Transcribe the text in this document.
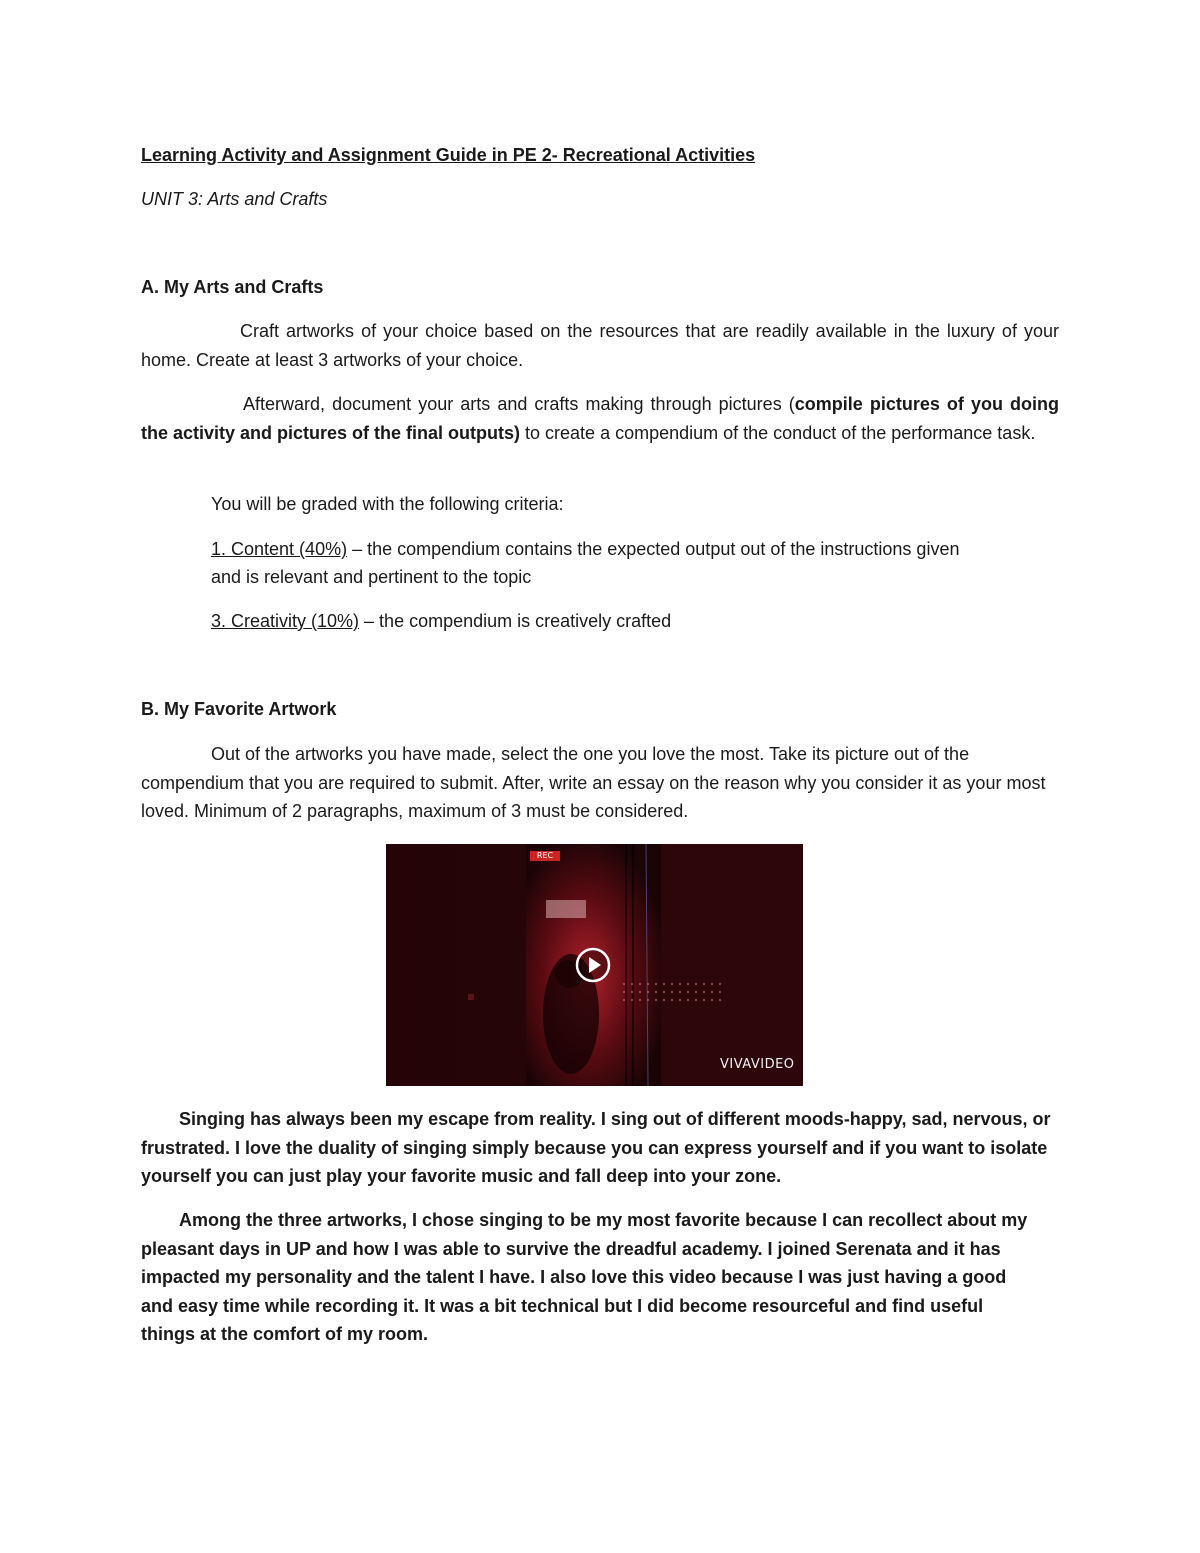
Learning Activity and Assignment Guide in PE 2- Recreational Activities
UNIT 3: Arts and Crafts
A. My Arts and Crafts
Craft artworks of your choice based on the resources that are readily available in the luxury of your home. Create at least 3 artworks of your choice.
Afterward, document your arts and crafts making through pictures (compile pictures of you doing the activity and pictures of the final outputs) to create a compendium of the conduct of the performance task.
You will be graded with the following criteria:
1. Content (40%) – the compendium contains the expected output out of the instructions given
and is relevant and pertinent to the topic
3. Creativity (10%) – the compendium is creatively crafted
B. My Favorite Artwork
Out of the artworks you have made, select the one you love the most. Take its picture out of the compendium that you are required to submit. After, write an essay on the reason why you consider it as your most loved. Minimum of 2 paragraphs, maximum of 3 must be considered.
REC
VIVAVIDEO
Singing has always been my escape from reality. I sing out of different moods-happy, sad, nervous, or frustrated. I love the duality of singing simply because you can express yourself and if you want to isolate yourself you can just play your favorite music and fall deep into your zone.
Among the three artworks, I chose singing to be my most favorite because I can recollect about my pleasant days in UP and how I was able to survive the dreadful academy. I joined Serenata and it has impacted my personality and the talent I have. I also love this video because I was just having a good and easy time while recording it. It was a bit technical but I did become resourceful and find useful things at the comfort of my room.
